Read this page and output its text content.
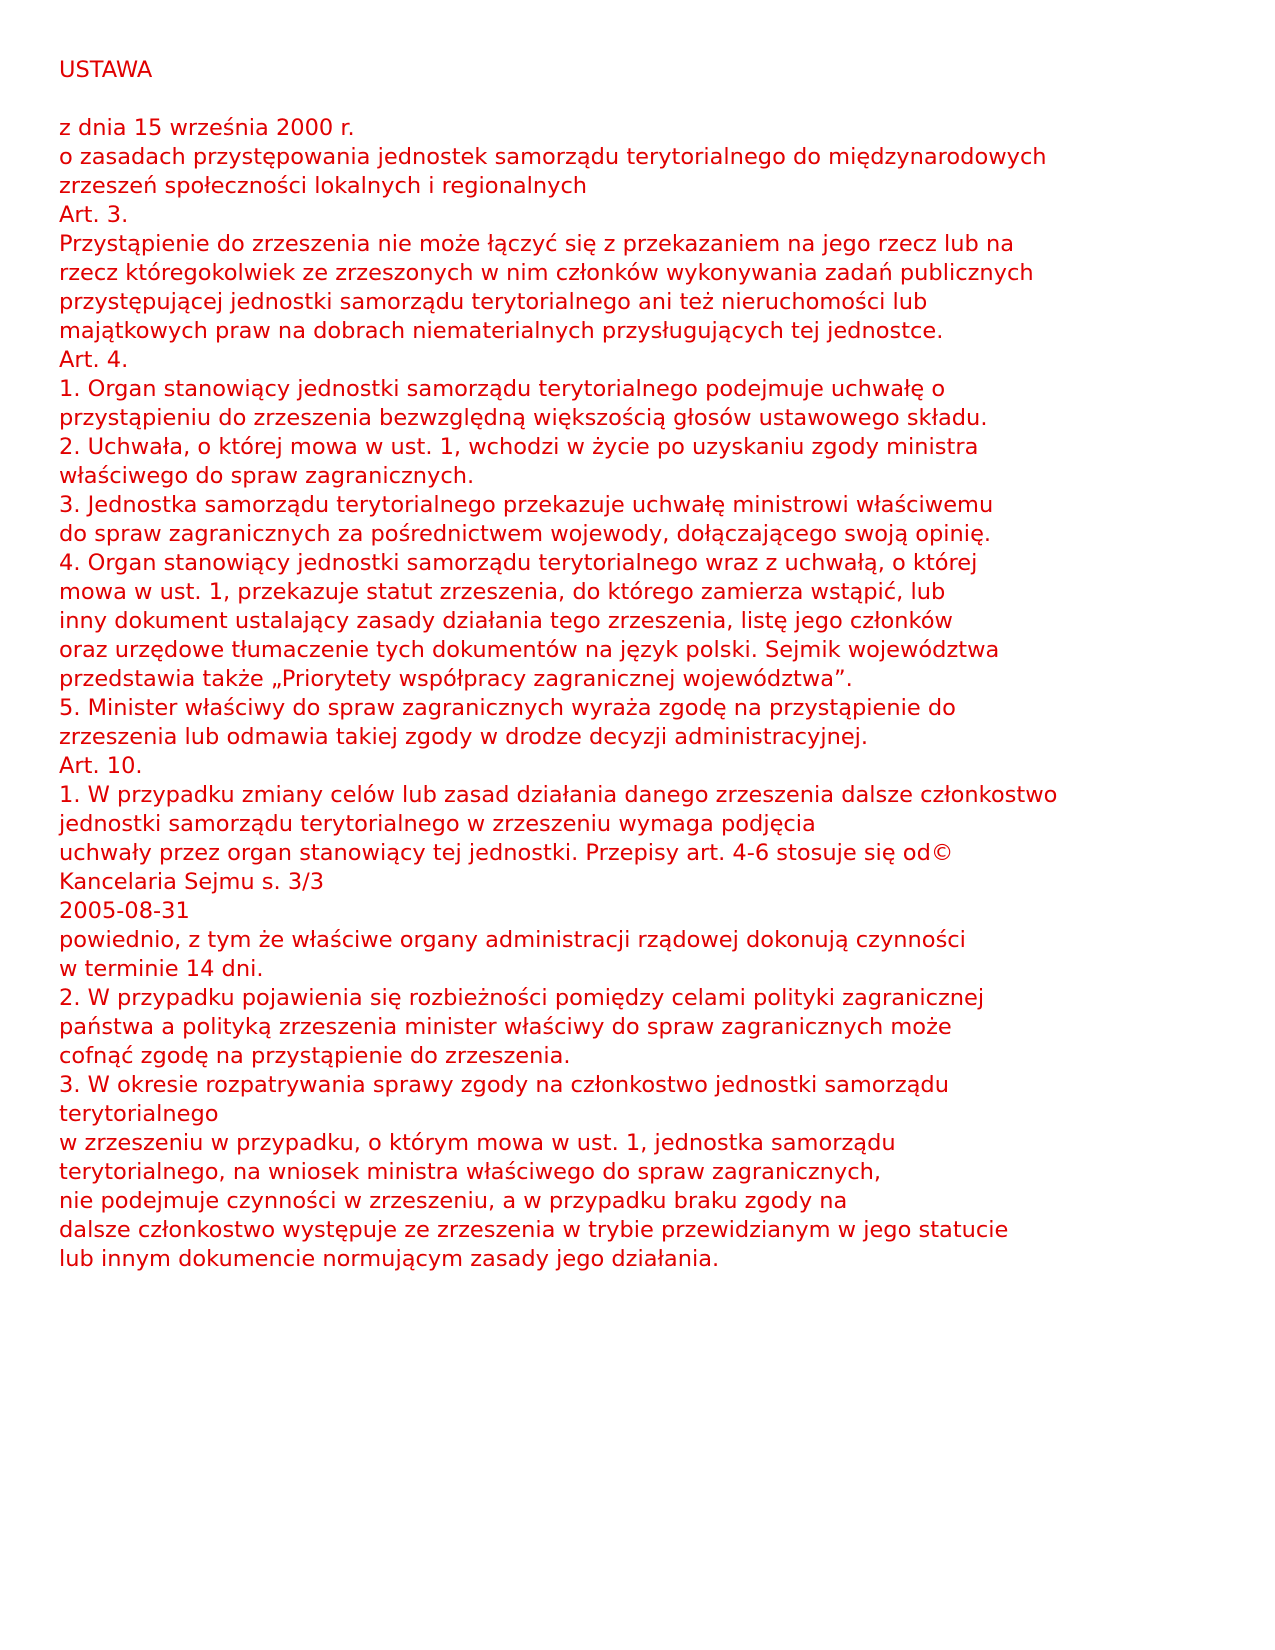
USTAWA
z dnia 15 września 2000 r.
o zasadach przystępowania jednostek samorządu terytorialnego do międzynarodowych
zrzeszeń społeczności lokalnych i regionalnych
Art. 3.
Przystąpienie do zrzeszenia nie może łączyć się z przekazaniem na jego rzecz lub na
rzecz któregokolwiek ze zrzeszonych w nim członków wykonywania zadań publicznych
przystępującej jednostki samorządu terytorialnego ani też nieruchomości lub
majątkowych praw na dobrach niematerialnych przysługujących tej jednostce.
Art. 4.
1. Organ stanowiący jednostki samorządu terytorialnego podejmuje uchwałę o
przystąpieniu do zrzeszenia bezwzględną większością głosów ustawowego składu.
2. Uchwała, o której mowa w ust. 1, wchodzi w życie po uzyskaniu zgody ministra
właściwego do spraw zagranicznych.
3. Jednostka samorządu terytorialnego przekazuje uchwałę ministrowi właściwemu
do spraw zagranicznych za pośrednictwem wojewody, dołączającego swoją opinię.
4. Organ stanowiący jednostki samorządu terytorialnego wraz z uchwałą, o której
mowa w ust. 1, przekazuje statut zrzeszenia, do którego zamierza wstąpić, lub
inny dokument ustalający zasady działania tego zrzeszenia, listę jego członków
oraz urzędowe tłumaczenie tych dokumentów na język polski. Sejmik województwa
przedstawia także „Priorytety współpracy zagranicznej województwa”.
5. Minister właściwy do spraw zagranicznych wyraża zgodę na przystąpienie do
zrzeszenia lub odmawia takiej zgody w drodze decyzji administracyjnej.
Art. 10.
1. W przypadku zmiany celów lub zasad działania danego zrzeszenia dalsze członkostwo
jednostki samorządu terytorialnego w zrzeszeniu wymaga podjęcia
uchwały przez organ stanowiący tej jednostki. Przepisy art. 4-6 stosuje się od©
Kancelaria Sejmu s. 3/3
2005-08-31
powiednio, z tym że właściwe organy administracji rządowej dokonują czynności
w terminie 14 dni.
2. W przypadku pojawienia się rozbieżności pomiędzy celami polityki zagranicznej
państwa a polityką zrzeszenia minister właściwy do spraw zagranicznych może
cofnąć zgodę na przystąpienie do zrzeszenia.
3. W okresie rozpatrywania sprawy zgody na członkostwo jednostki samorządu
terytorialnego
w zrzeszeniu w przypadku, o którym mowa w ust. 1, jednostka samorządu
terytorialnego, na wniosek ministra właściwego do spraw zagranicznych,
nie podejmuje czynności w zrzeszeniu, a w przypadku braku zgody na
dalsze członkostwo występuje ze zrzeszenia w trybie przewidzianym w jego statucie
lub innym dokumencie normującym zasady jego działania.
